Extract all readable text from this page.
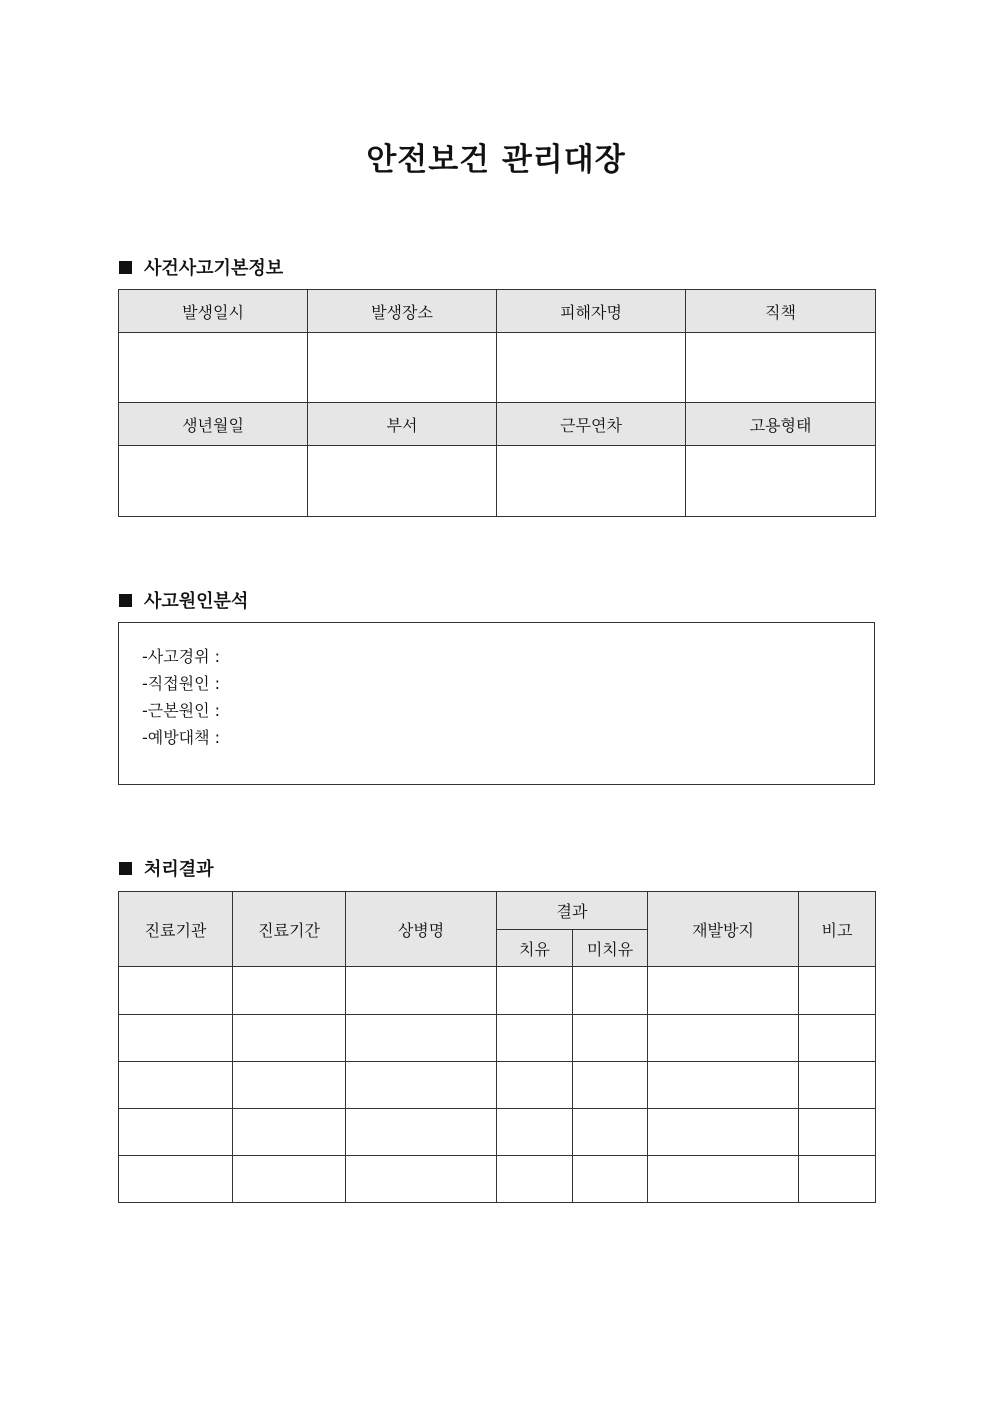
안전보건 관리대장
사건사고기본정보
발생일시	발생장소	피해자명	직책

생년월일	부서	근무연차	고용형태

사고원인분석
-사고경위 :
-직접원인 :
-근본원인 :
-예방대책 :
처리결과
진료기관	진료기간	상병명	결과		재발방지	비고
			치유	미치유		
